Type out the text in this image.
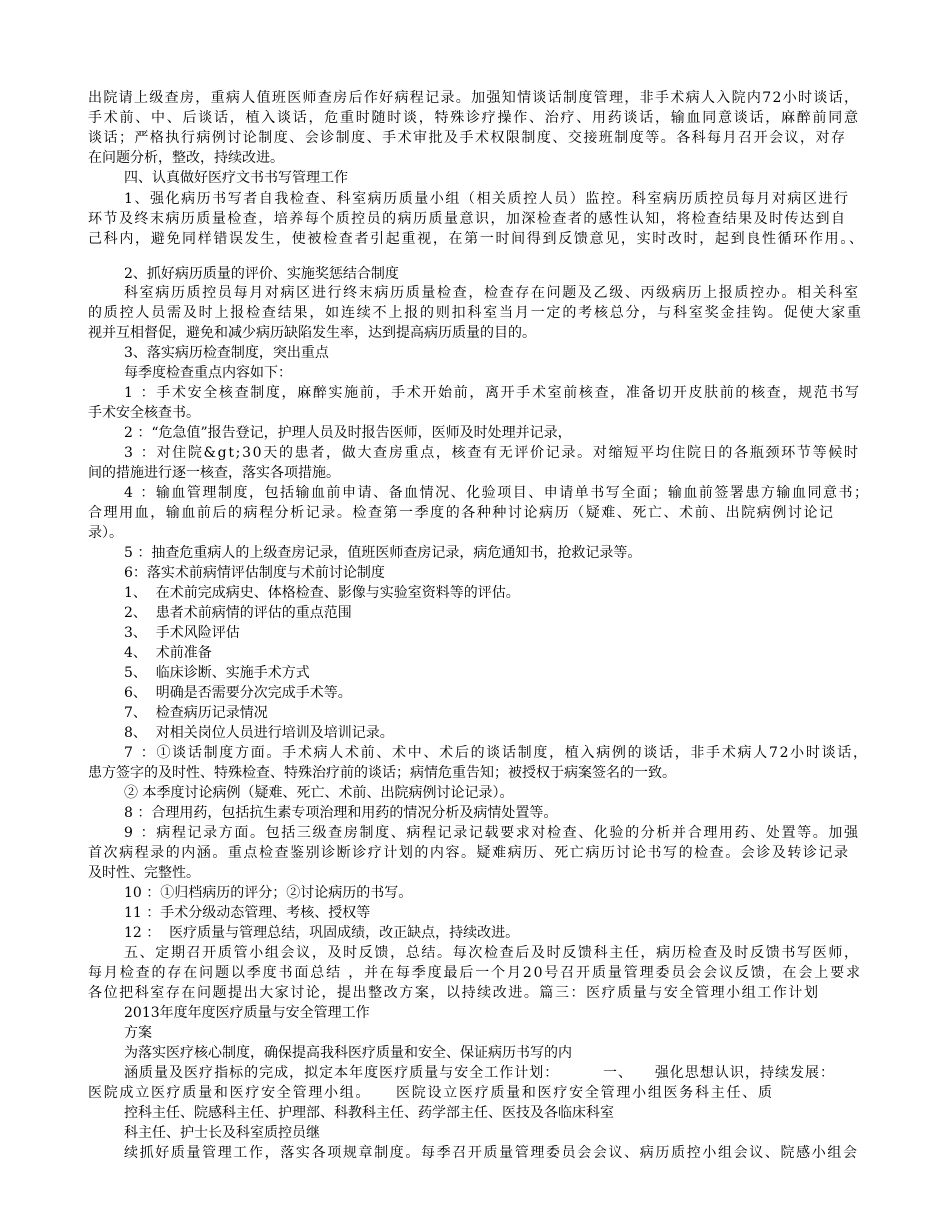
出院请上级查房，重病人值班医师查房后作好病程记录。加强知情谈话制度管理，非手术病人入院内72小时谈话，
手术前、中、后谈话，植入谈话，危重时随时谈，特殊诊疗操作、治疗、用药谈话，输血同意谈话，麻醉前同意
谈话；严格执行病例讨论制度、会诊制度、手术审批及手术权限制度、交接班制度等。各科每月召开会议，对存
在问题分析，整改，持续改进。
四、认真做好医疗文书书写管理工作
1、强化病历书写者自我检查、科室病历质量小组（相关质控人员）监控。科室病历质控员每月对病区进行
环节及终末病历质量检查，培养每个质控员的病历质量意识，加深检查者的感性认知，将检查结果及时传达到自
己科内，避免同样错误发生，使被检查者引起重视，在第一时间得到反馈意见，实时改时，起到良性循环作用。、
2、抓好病历质量的评价、实施奖惩结合制度
科室病历质控员每月对病区进行终末病历质量检查，检查存在问题及乙级、丙级病历上报质控办。相关科室
的质控人员需及时上报检查结果，如连续不上报的则扣科室当月一定的考核总分，与科室奖金挂钩。促使大家重
视并互相督促，避免和减少病历缺陷发生率，达到提高病历质量的目的。
3、落实病历检查制度，突出重点
每季度检查重点内容如下：
1 ：手术安全核查制度，麻醉实施前，手术开始前，离开手术室前核查，准备切开皮肤前的核查，规范书写
手术安全核查书。
2 ：“危急值”报告登记，护理人员及时报告医师，医师及时处理并记录，
3 ：对住院&gt;30天的患者，做大查房重点，核查有无评价记录。对缩短平均住院日的各瓶颈环节等候时
间的措施进行逐一核查，落实各项措施。
4 ：输血管理制度，包括输血前申请、备血情况、化验项目、申请单书写全面；输血前签署患方输血同意书；
合理用血，输血前后的病程分析记录。检查第一季度的各种种讨论病历（疑难、死亡、术前、出院病例讨论记
录）。
5 ：抽查危重病人的上级查房记录，值班医师查房记录，病危通知书，抢救记录等。
6：落实术前病情评估制度与术前讨论制度
1、  在术前完成病史、体格检查、影像与实验室资料等的评估。
2、  患者术前病情的评估的重点范围
3、  手术风险评估
4、  术前准备
5、  临床诊断、实施手术方式
6、  明确是否需要分次完成手术等。
7、  检查病历记录情况
8、  对相关岗位人员进行培训及培训记录。
7 ：①谈话制度方面。手术病人术前、术中、术后的谈话制度，植入病例的谈话，非手术病人72小时谈话，
患方签字的及时性、特殊检查、特殊治疗前的谈话；病情危重告知；被授权于病案签名的一致。
② 本季度讨论病例（疑难、死亡、术前、出院病例讨论记录）。
8 ：合理用药，包括抗生素专项治理和用药的情况分析及病情处置等。
9 ：病程记录方面。包括三级查房制度、病程记录记载要求对检查、化验的分析并合理用药、处置等。加强
首次病程录的内涵。重点检查鉴别诊断诊疗计划的内容。疑难病历、死亡病历讨论书写的检查。会诊及转诊记录
及时性、完整性。
10 ：①归档病历的评分；②讨论病历的书写。
11 ：手术分级动态管理、考核、授权等
12 ：  医疗质量与管理总结，巩固成绩，改正缺点，持续改进。
五、定期召开质管小组会议，及时反馈，总结。每次检查后及时反馈科主任，病历检查及时反馈书写医师，
每月检查的存在问题以季度书面总结 ，并在每季度最后一个月20号召开质量管理委员会会议反馈，在会上要求
各位把科室存在问题提出大家讨论，提出整改方案，以持续改进。篇三：医疗质量与安全管理小组工作计划
2013年度年度医疗质量与安全管理工作
方案
为落实医疗核心制度，确保提高我科医疗质量和安全、保证病历书写的内
涵质量及医疗指标的完成，拟定本年度医疗质量与安全工作计划：        一、    强化思想认识，持续发展：
医院成立医疗质量和医疗安全管理小组。    医院设立医疗质量和医疗安全管理小组医务科主任、质
控科主任、院感科主任、护理部、科教科主任、药学部主任、医技及各临床科室
科主任、护士长及科室质控员继
续抓好质量管理工作，落实各项规章制度。每季召开质量管理委员会会议、病历质控小组会议、院感小组会
